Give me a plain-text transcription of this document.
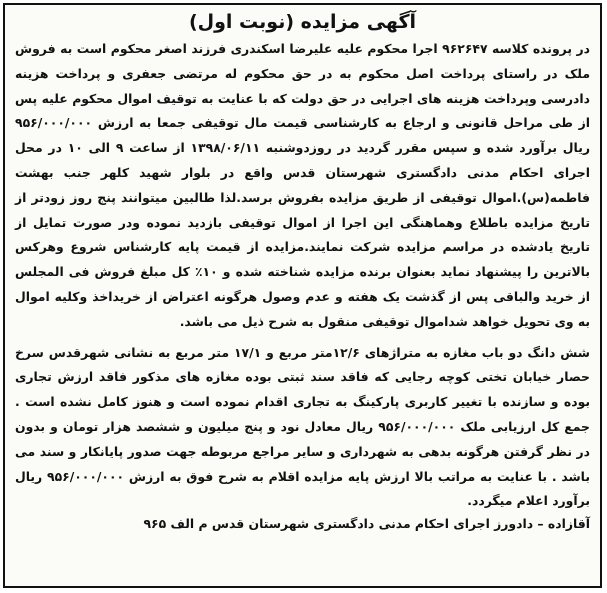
آگهی مزایده (نوبت اول)

در پرونده کلاسه ۹۶۲۶۴۷ اجرا محکوم علیه علیرضا اسکندری فرزند اصغر محکوم است به فروش ملک در راستای پرداخت اصل محکوم به در حق محکوم له مرتضی جعفری و پرداخت هزینه دادرسی وپرداخت هزینه های اجرایی در حق دولت که با عنایت به توقیف اموال محکوم علیه پس از طی مراحل قانونی و ارجاع به کارشناسی قیمت مال توقیفی جمعا به ارزش ۹۵۶/۰۰۰/۰۰۰ ریال برآورد شده و سپس مقرر گردید در روزدوشنبه ۱۳۹۸/۰۶/۱۱ از ساعت ۹ الی ۱۰ در محل اجرای احکام مدنی دادگستری شهرستان قدس واقع در بلوار شهید کلهر جنب بهشت فاطمه(س).اموال توقیفی از طریق مزایده بفروش برسد.لذا طالبین میتوانند پنج روز زودتر از تاریخ مزایده باطلاع وهماهنگی این اجرا از اموال توقیفی بازدید نموده ودر صورت تمایل از تاریخ یادشده در مراسم مزایده شرکت نمایند.مزایده از قیمت پایه کارشناس شروع وهرکس بالاترین را پیشنهاد نماید بعنوان برنده مزایده شناخته شده و ۱۰٪ کل مبلغ فروش فی المجلس از خرید والباقی پس از گذشت یک هفته و عدم وصول هرگونه اعتراض از خریداخذ وکلیه اموال به وی تحویل خواهد شداموال توقیفی منقول به شرح ذیل می باشد.

شش دانگ دو باب مغازه به متراژهای ۱۲/۶متر مربع و ۱۷/۱ متر مربع به نشانی شهرقدس سرخ حصار خیابان تختی کوچه رجایی که فاقد سند ثبتی بوده مغازه های مذکور فاقد ارزش تجاری بوده و سازنده با تغییر کاربری پارکینگ به تجاری اقدام نموده است و هنوز کامل نشده است . جمع کل ارزیابی ملک ۹۵۶/۰۰۰/۰۰۰ ریال معادل نود و پنج میلیون و ششصد هزار تومان و بدون در نظر گرفتن هرگونه بدهی به شهرداری و سایر مراجع مربوطه جهت صدور پایانکار و سند می باشد . با عنایت به مراتب بالا ارزش پایه مزایده اقلام به شرح فوق به ارزش ۹۵۶/۰۰۰/۰۰۰ ریال برآورد اعلام میگردد.

آقازاده – دادورز اجرای احکام مدنی دادگستری شهرستان قدس م الف ۹۶۵
